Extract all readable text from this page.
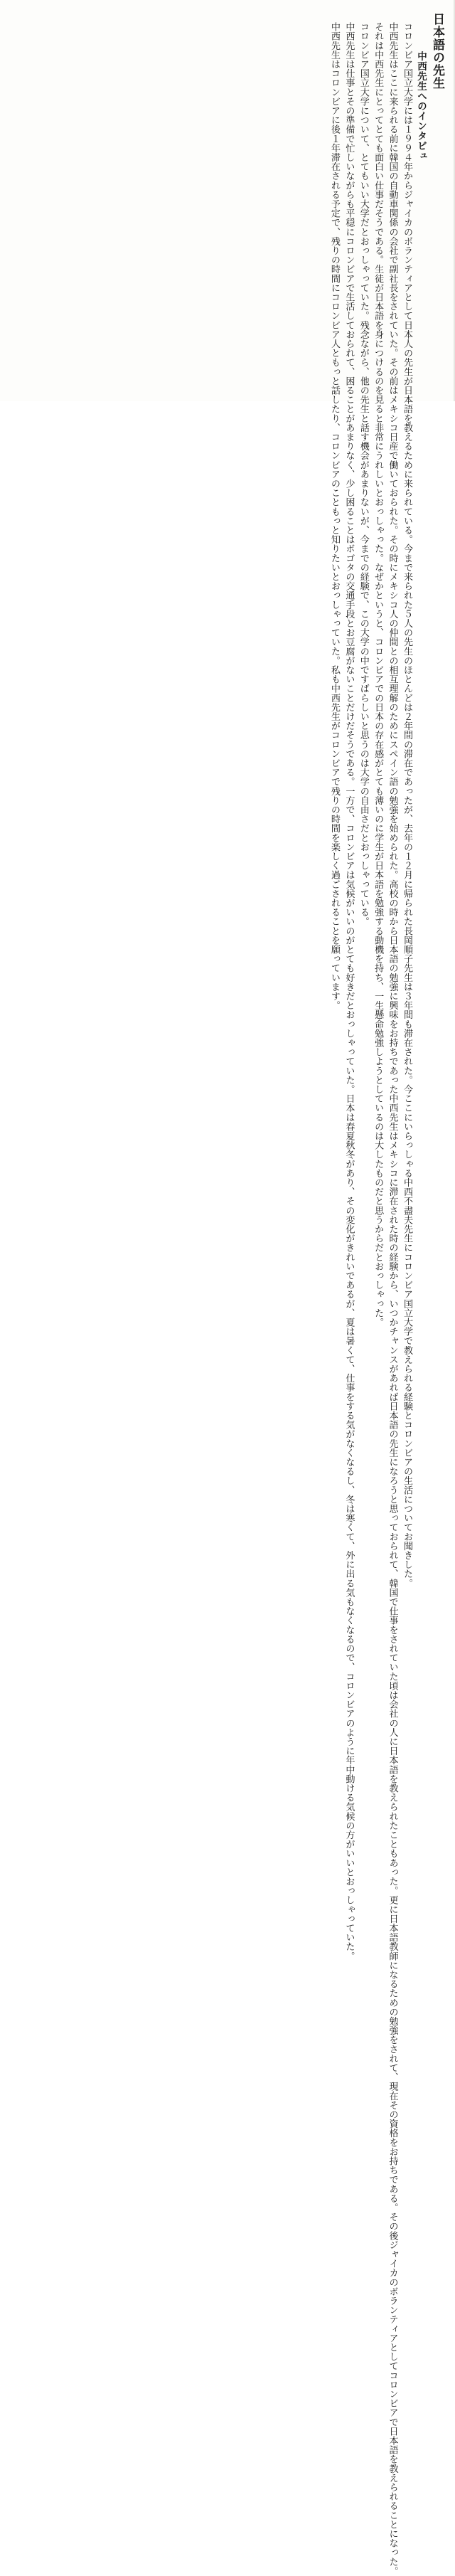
日本語の先生
中西先生へのインタビュ
　コロンビア国立大学には１９９４年からジャイカのボランティアとして日本人の先生が日本語を教えるために来られている。今まで来られた５人の先生のほとんどは２年間の滞在であったが、去年の１２月に帰られた長岡順子先生は３年間も滞在された。今ここにいらっしゃる中西不盡夫先生にコロンビア国立大学で教えられる経験とコロンビアの生活についてお聞きした。
　中西先生はここに来られる前に韓国の自動車関係の会社で副社長をされていた。その前はメキシコ日産で働いておられた。その時にメキシコ人の仲間との相互理解のためにスペイン語の勉強を始められた。高校の時から日本語の勉強に興味をお持ちであった中西先生はメキシコに滞在された時の経験から、いつかチャンスがあれば日本語の先生になろうと思っておられて、韓国で仕事をされていた頃は会社の人に日本語を教えられたこともあった。更に日本語教師になるための勉強をされて、現在その資格をお持ちである。その後ジャイカのボランティアとしてコロンビアで日本語を教えられることになった。
　それは中西先生にとってとても面白い仕事だそうである。生徒が日本語を身につけるのを見ると非常にうれしいとおっしゃった。なぜかというと、コロンビアでの日本の存在感がとても薄いのに学生が日本語を勉強する動機を持ち、一生懸命勉強しようとしているのは大したものだと思うからだとおっしゃった。
　コロンビア国立大学について、とてもいい大学だとおっしゃっていた。残念ながら、他の先生と話す機会があまりないが、今までの経験で、この大学の中ですばらしいと思うのは大学の自由さだとおっしゃっている。
　中西先生は仕事とその準備で忙しいながらも平穏にコロンビアで生活しておられて、困ることがあまりなく、少し困ることはボゴタの交通手段とお豆腐がないことだけだそうである。一方で、コロンビアは気候がいいのがとても好きだとおっしゃっていた。日本は春夏秋冬があり、その変化がきれいであるが、夏は暑くて、仕事をする気がなくなるし、冬は寒くて、外に出る気もなくなるので、コロンビアのように年中動ける気候の方がいいとおっしゃっていた。
　中西先生はコロンビアに後１年滞在される予定で、残りの時間にコロンビア人ともっと話したり、コロンビアのこともっと知りたいとおっしゃっていた。私も中西先生がコロンビアで残りの時間を楽しく過ごされることを願っています。
